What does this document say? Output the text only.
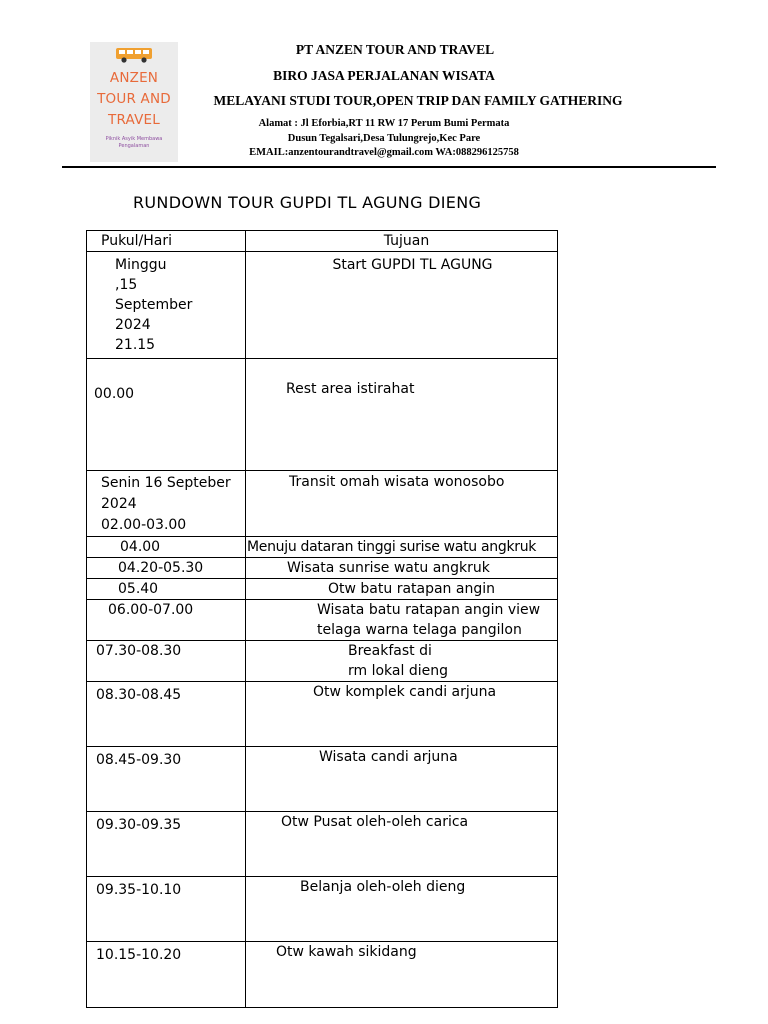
ANZEN
TOUR AND
TRAVEL
Piknik Asyik Membawa Pengalaman
PT ANZEN TOUR AND TRAVEL
BIRO JASA PERJALANAN WISATA
MELAYANI STUDI TOUR,OPEN TRIP DAN FAMILY GATHERING
Alamat : Jl Eforbia,RT 11 RW 17 Perum Bumi Permata
Dusun Tegalsari,Desa Tulungrejo,Kec Pare
EMAIL:anzentourandtravel@gmail.com WA:088296125758
RUNDOWN TOUR GUPDI TL AGUNG DIENG
Pukul/Hari	Tujuan

Minggu
,15
September
2024
21.15	Start GUPDI TL AGUNG

00.00	Rest area istirahat

Senin 16 Septeber
2024
02.00-03.00	Transit omah wisata wonosobo

04.00	Menuju dataran tinggi surise watu angkruk

04.20-05.30	Wisata sunrise watu angkruk

05.40	Otw batu ratapan angin

06.00-07.00	Wisata batu ratapan angin view
telaga warna telaga pangilon

07.30-08.30	Breakfast di
rm lokal dieng

08.30-08.45	Otw komplek candi arjuna

08.45-09.30	Wisata candi arjuna

09.30-09.35	Otw Pusat oleh-oleh carica

09.35-10.10	Belanja oleh-oleh dieng

10.15-10.20	Otw kawah sikidang
